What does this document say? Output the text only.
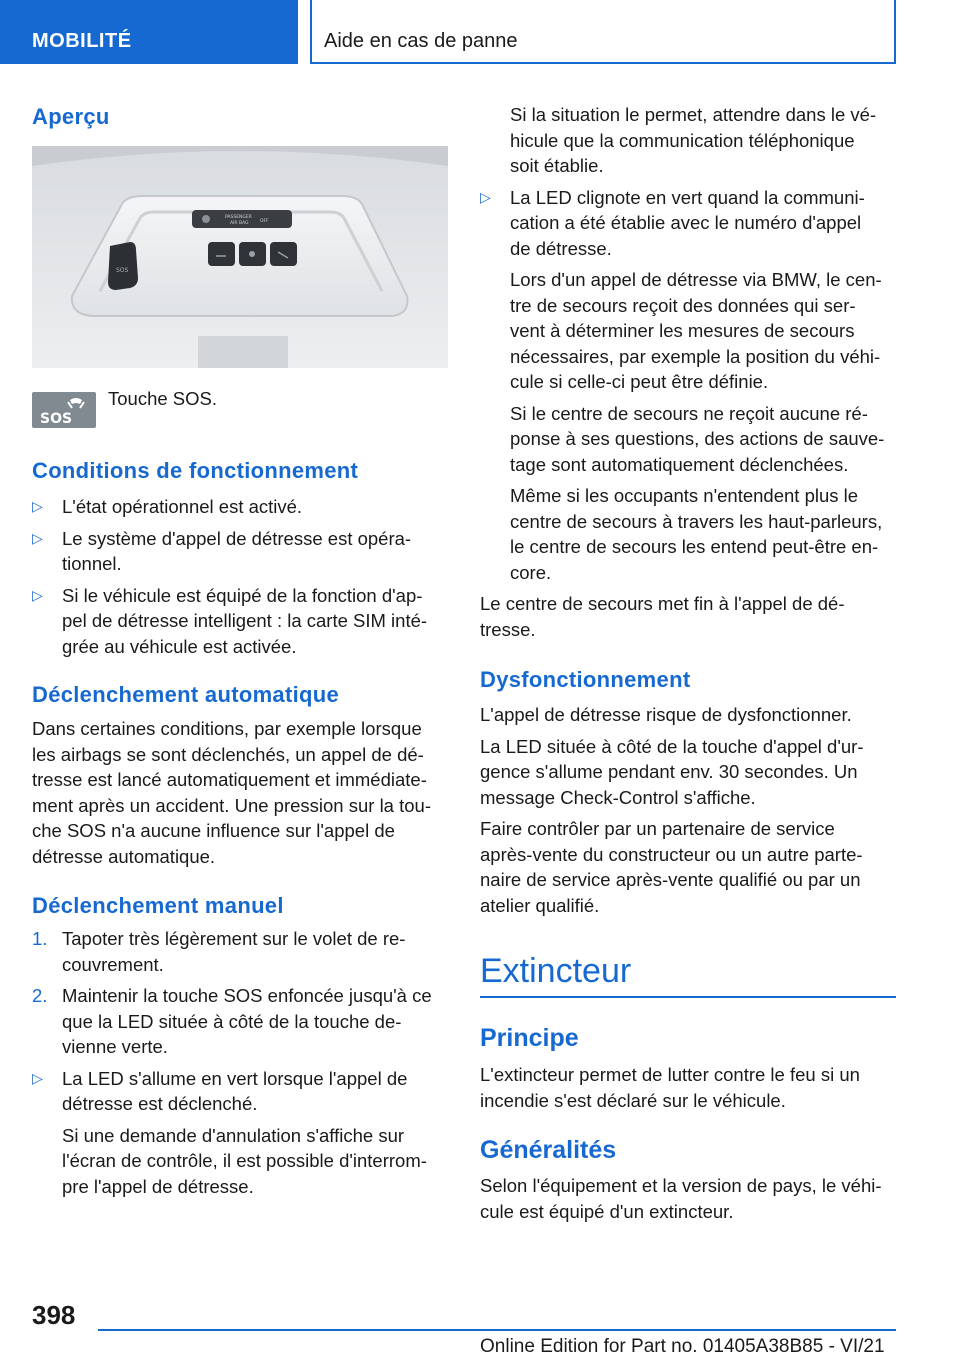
MOBILITÉ	Aide en cas de panne
Aperçu
PASSENGER
AIR BAG	OFF
SOS
SOS
Touche SOS.
Conditions de fonctionnement
▷ L'état opérationnel est activé.
▷ Le système d'appel de détresse est opéra-
tionnel.
▷ Si le véhicule est équipé de la fonction d'ap-
pel de détresse intelligent : la carte SIM inté-
grée au véhicule est activée.
Déclenchement automatique
Dans certaines conditions, par exemple lorsque
les airbags se sont déclenchés, un appel de dé-
tresse est lancé automatiquement et immédiate-
ment après un accident. Une pression sur la tou-
che SOS n'a aucune influence sur l'appel de
détresse automatique.
Déclenchement manuel
1. Tapoter très légèrement sur le volet de re-
couvrement.
2. Maintenir la touche SOS enfoncée jusqu'à ce
que la LED située à côté de la touche de-
vienne verte.
▷ La LED s'allume en vert lorsque l'appel de
détresse est déclenché.
Si une demande d'annulation s'affiche sur
l'écran de contrôle, il est possible d'interrom-
pre l'appel de détresse.
Si la situation le permet, attendre dans le vé-
hicule que la communication téléphonique
soit établie.
▷ La LED clignote en vert quand la communi-
cation a été établie avec le numéro d'appel
de détresse.
Lors d'un appel de détresse via BMW, le cen-
tre de secours reçoit des données qui ser-
vent à déterminer les mesures de secours
nécessaires, par exemple la position du véhi-
cule si celle-ci peut être définie.
Si le centre de secours ne reçoit aucune ré-
ponse à ses questions, des actions de sauve-
tage sont automatiquement déclenchées.
Même si les occupants n'entendent plus le
centre de secours à travers les haut-parleurs,
le centre de secours les entend peut-être en-
core.
Le centre de secours met fin à l'appel de dé-
tresse.
Dysfonctionnement
L'appel de détresse risque de dysfonctionner.
La LED située à côté de la touche d'appel d'ur-
gence s'allume pendant env. 30 secondes. Un
message Check-Control s'affiche.
Faire contrôler par un partenaire de service
après-vente du constructeur ou un autre parte-
naire de service après-vente qualifié ou par un
atelier qualifié.
Extincteur
Principe
L'extincteur permet de lutter contre le feu si un
incendie s'est déclaré sur le véhicule.
Généralités
Selon l'équipement et la version de pays, le véhi-
cule est équipé d'un extincteur.
398
Online Edition for Part no. 01405A38B85 - VI/21
